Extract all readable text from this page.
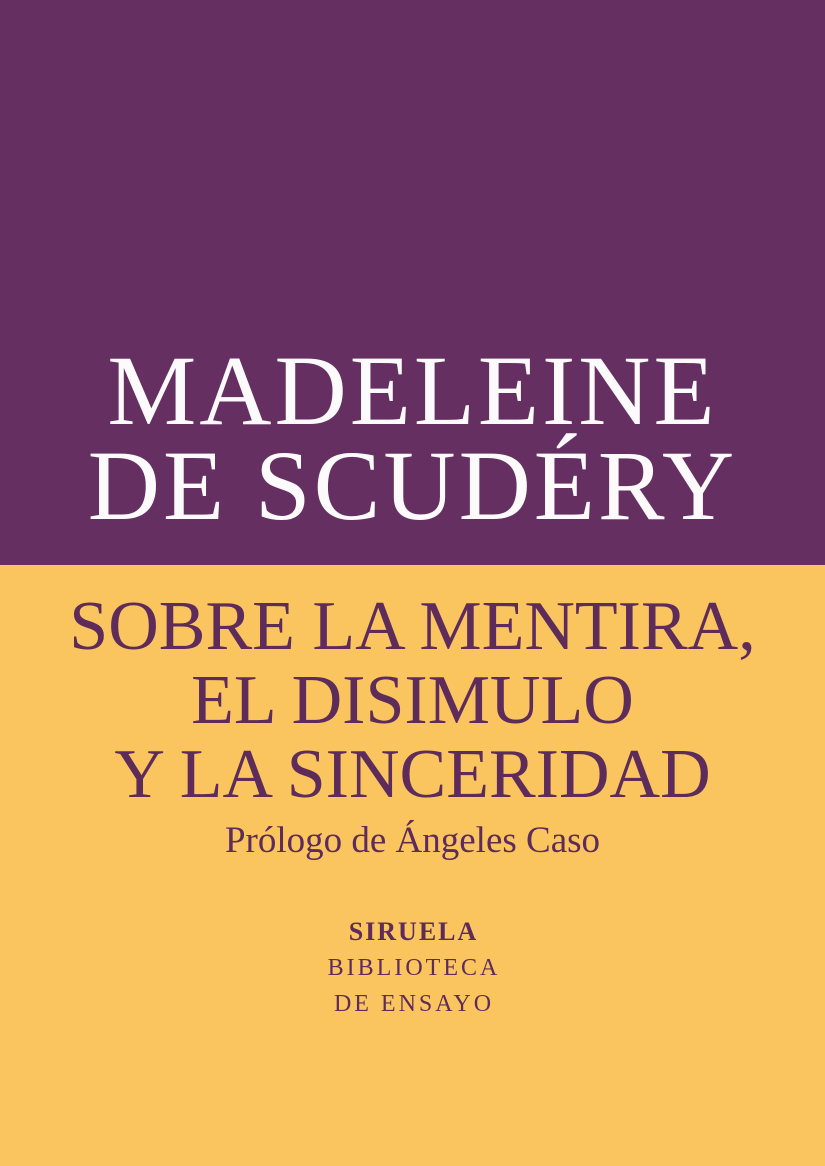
MADELEINE
DE SCUDÉRY
SOBRE LA MENTIRA,
EL DISIMULO
Y LA SINCERIDAD
Prólogo de Ángeles Caso
SIRUELA
BIBLIOTECA
DE ENSAYO
